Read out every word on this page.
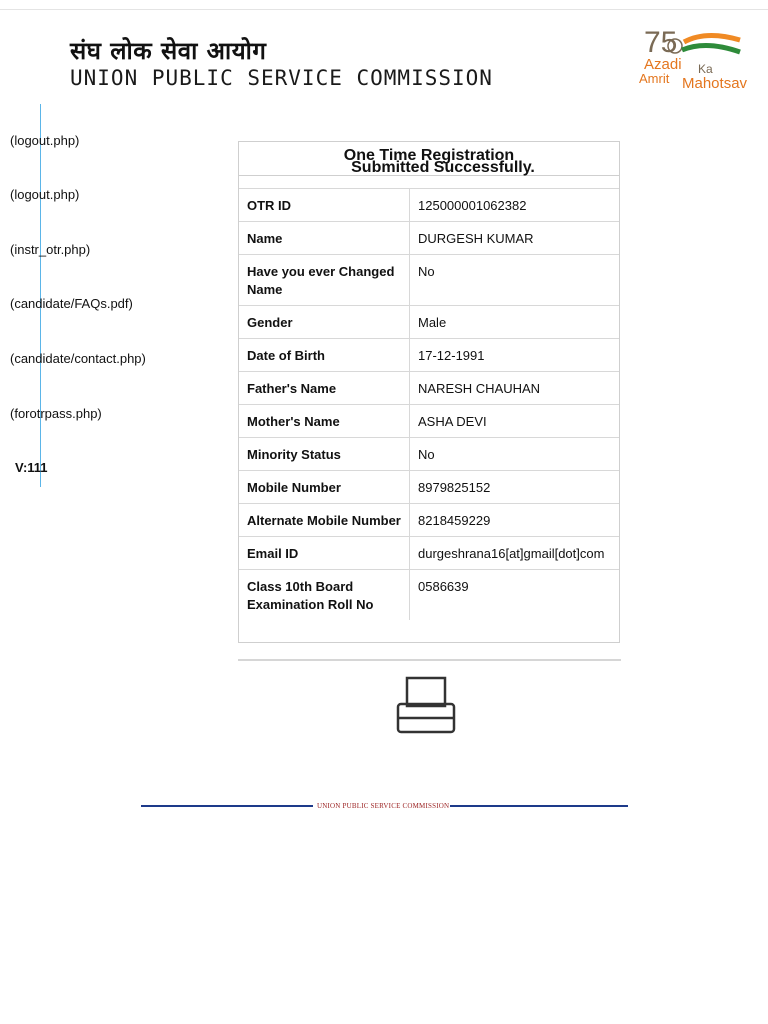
संघ लोक सेवा आयोग
UNION PUBLIC SERVICE COMMISSION
75
Azadi Ka
Amrit Mahotsav
(logout.php)
(logout.php)
(instr_otr.php)
(candidate/FAQs.pdf)
(candidate/contact.php)
(forotrpass.php)
V:111
One Time Registration
Submitted Successfully.
OTR ID	125000001062382
Name	DURGESH KUMAR
Have you ever Changed Name	No
Gender	Male
Date of Birth	17-12-1991
Father's Name	NARESH CHAUHAN
Mother's Name	ASHA DEVI
Minority Status	No
Mobile Number	8979825152
Alternate Mobile Number	8218459229
Email ID	durgeshrana16[at]gmail[dot]com
Class 10th Board Examination Roll No	0586639
UNION PUBLIC SERVICE COMMISSION
